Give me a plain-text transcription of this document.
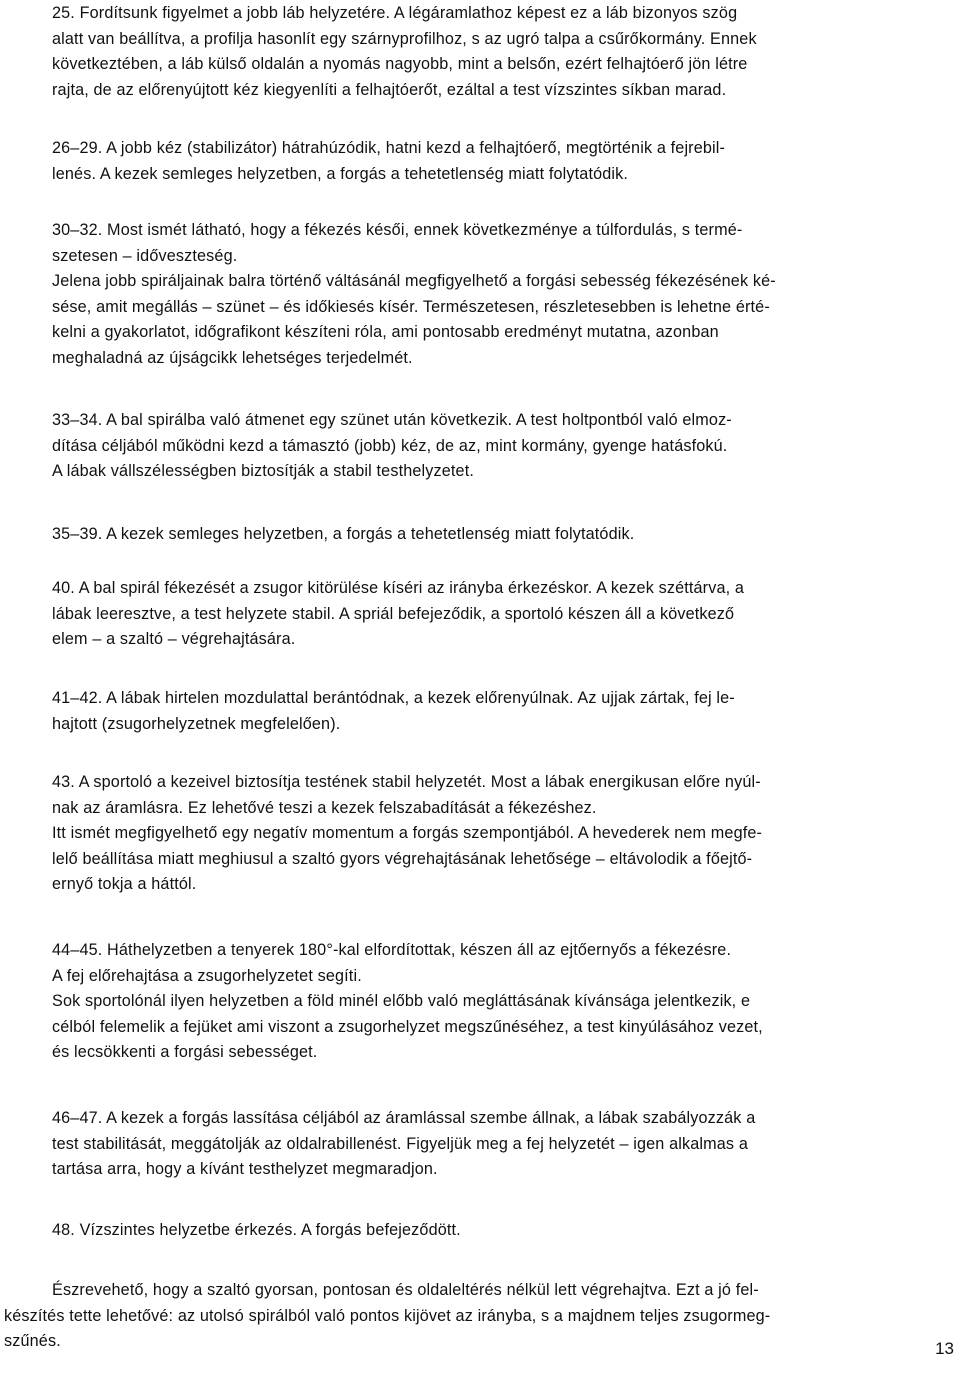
25. Fordítsunk figyelmet a jobb láb helyzetére. A légáramlathoz képest ez a láb bizonyos szög
alatt van beállítva, a profilja hasonlít egy szárnyprofilhoz, s az ugró talpa a csűrőkormány. Ennek
következtében, a láb külső oldalán a nyomás nagyobb, mint a belsőn, ezért felhajtóerő jön létre
rajta, de az előrenyújtott kéz kiegyenlíti a felhajtóerőt, ezáltal a test vízszintes síkban marad.

26–29. A jobb kéz (stabilizátor) hátrahúzódik, hatni kezd a felhajtóerő, megtörténik a fejrebil-
lenés. A kezek semleges helyzetben, a forgás a tehetetlenség miatt folytatódik.

30–32. Most ismét látható, hogy a fékezés késői, ennek következménye a túlfordulás, s termé-
szetesen – időveszteség.
Jelena jobb spiráljainak balra történő váltásánál megfigyelhető a forgási sebesség fékezésének ké-
sése, amit megállás – szünet – és időkiesés kísér. Természetesen, részletesebben is lehetne érté-
kelni a gyakorlatot, időgrafikont készíteni róla, ami pontosabb eredményt mutatna, azonban
meghaladná az újságcikk lehetséges terjedelmét.

33–34. A bal spirálba való átmenet egy szünet után következik. A test holtpontból való elmoz-
dítása céljából működni kezd a támasztó (jobb) kéz, de az, mint kormány, gyenge hatásfokú.
A lábak vállszélességben biztosítják a stabil testhelyzetet.

35–39. A kezek semleges helyzetben, a forgás a tehetetlenség miatt folytatódik.

40. A bal spirál fékezését a zsugor kitörülése kíséri az irányba érkezéskor. A kezek széttárva, a
lábak leeresztve, a test helyzete stabil. A spriál befejeződik, a sportoló készen áll a következő
elem – a szaltó – végrehajtására.

41–42. A lábak hirtelen mozdulattal berántódnak, a kezek előrenyúlnak. Az ujjak zártak, fej le-
hajtott (zsugorhelyzetnek megfelelően).

43. A sportoló a kezeivel biztosítja testének stabil helyzetét. Most a lábak energikusan előre nyúl-
nak az áramlásra. Ez lehetővé teszi a kezek felszabadítását a fékezéshez.
Itt ismét megfigyelhető egy negatív momentum a forgás szempontjából. A hevederek nem megfe-
lelő beállítása miatt meghiusul a szaltó gyors végrehajtásának lehetősége – eltávolodik a főejtő-
ernyő tokja a háttól.

44–45. Háthelyzetben a tenyerek 180°-kal elfordítottak, készen áll az ejtőernyős a fékezésre.
A fej előrehajtása a zsugorhelyzetet segíti.
Sok sportolónál ilyen helyzetben a föld minél előbb való megláttásának kívánsága jelentkezik, e
célból felemelik a fejüket ami viszont a zsugorhelyzet megszűnéséhez, a test kinyúlásához vezet,
és lecsökkenti a forgási sebességet.

46–47. A kezek a forgás lassítása céljából az áramlással szembe állnak, a lábak szabályozzák a
test stabilitását, meggátolják az oldalrabillenést. Figyeljük meg a fej helyzetét – igen alkalmas a
tartása arra, hogy a kívánt testhelyzet megmaradjon.

48. Vízszintes helyzetbe érkezés. A forgás befejeződött.

Észrevehető, hogy a szaltó gyorsan, pontosan és oldaleltérés nélkül lett végrehajtva. Ezt a jó fel-
készítés tette lehetővé: az utolsó spirálból való pontos kijövet az irányba, s a majdnem teljes zsugormeg-
szűnés.	13
